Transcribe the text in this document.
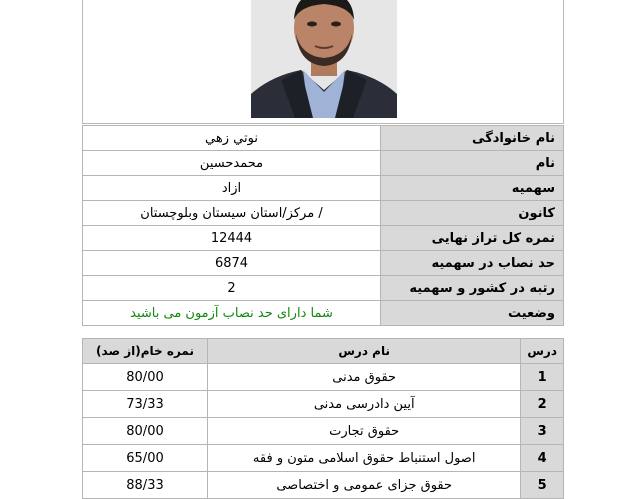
نام خانوادگی	نوتي زهي
نام	محمدحسين
سهمیه	ازاد
کانون	/ مرکز/استان سيستان وبلوچستان
نمره کل تراز نهایی	12444
حد نصاب در سهمیه	6874
رتبه در کشور و سهمیه	2
وضعیت	شما دارای حد نصاب آزمون می باشید
درس	نام درس	نمره خام(از صد)
1	حقوق مدنی	80/00
2	آيين دادرسی مدنی	73/33
3	حقوق تجارت	80/00
4	اصول استنباط حقوق اسلامی متون و فقه	65/00
5	حقوق جزای عمومی و اختصاصی	88/33
